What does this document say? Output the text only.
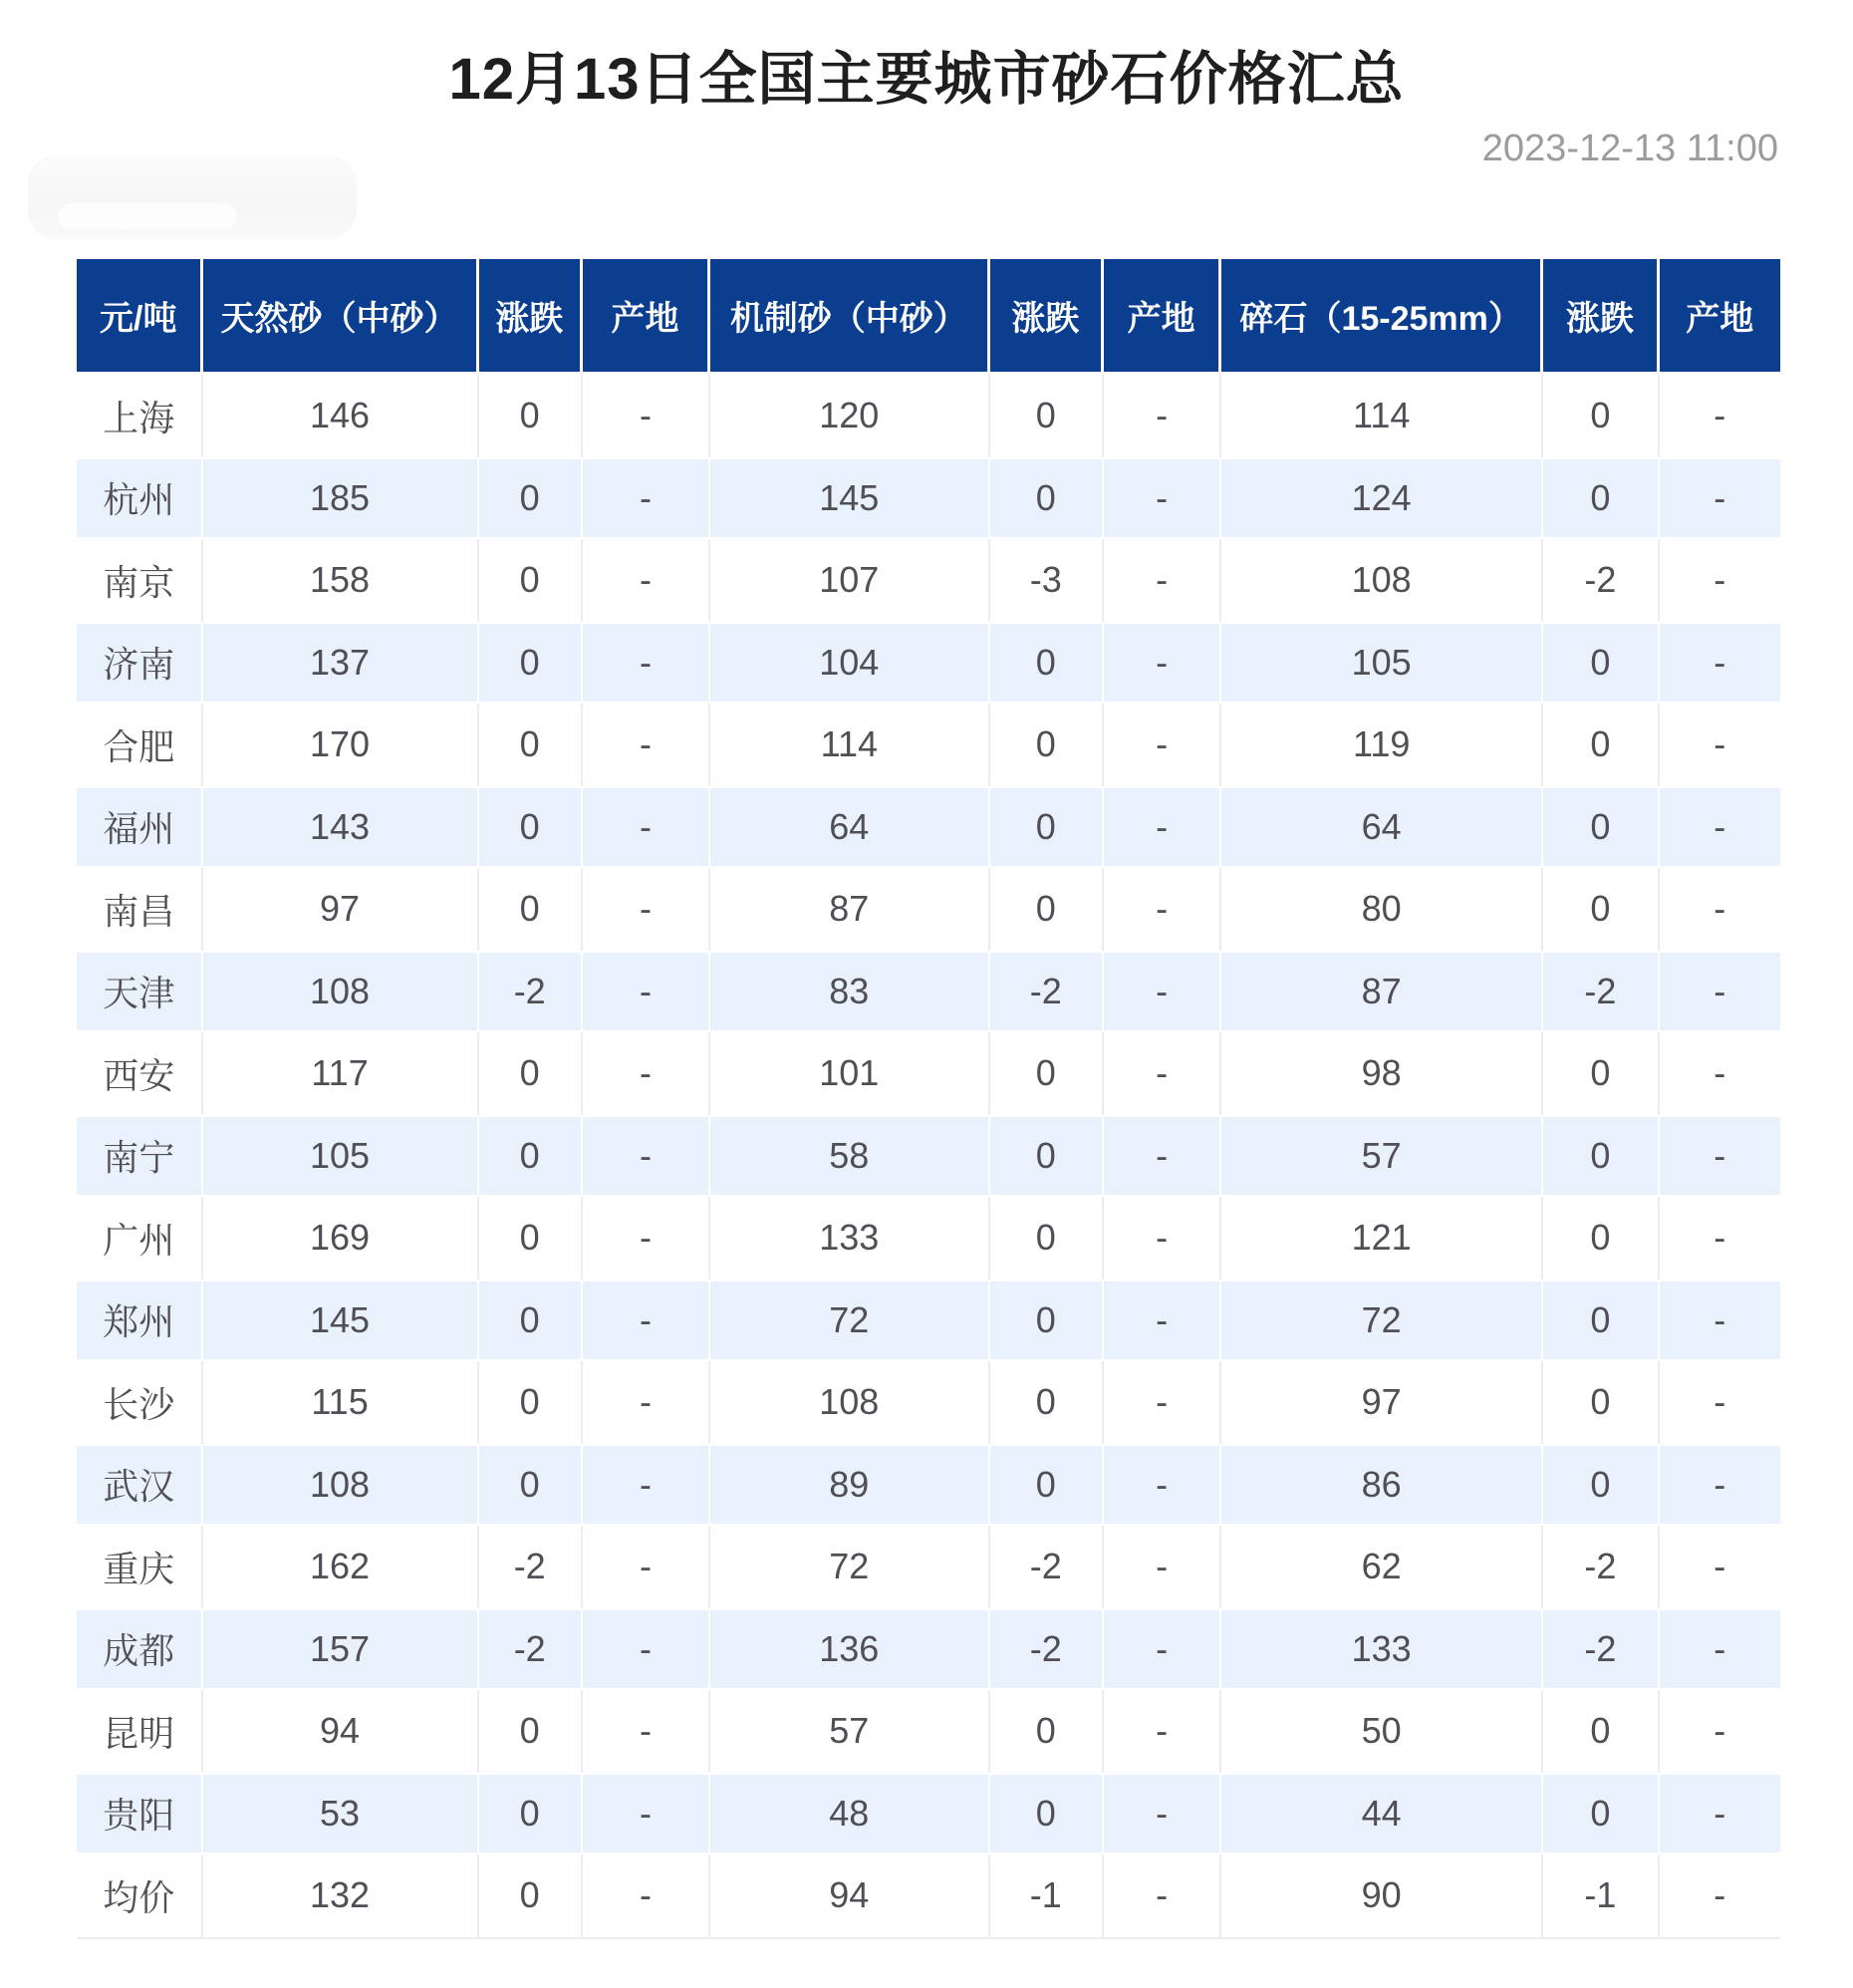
12月13日全国主要城市砂石价格汇总
2023-12-13 11:00
元/吨	天然砂（中砂）	涨跌	产地	机制砂（中砂）	涨跌	产地	碎石（15-25mm）	涨跌	产地
上海	146	0	-	120	0	-	114	0	-
杭州	185	0	-	145	0	-	124	0	-
南京	158	0	-	107	-3	-	108	-2	-
济南	137	0	-	104	0	-	105	0	-
合肥	170	0	-	114	0	-	119	0	-
福州	143	0	-	64	0	-	64	0	-
南昌	97	0	-	87	0	-	80	0	-
天津	108	-2	-	83	-2	-	87	-2	-
西安	117	0	-	101	0	-	98	0	-
南宁	105	0	-	58	0	-	57	0	-
广州	169	0	-	133	0	-	121	0	-
郑州	145	0	-	72	0	-	72	0	-
长沙	115	0	-	108	0	-	97	0	-
武汉	108	0	-	89	0	-	86	0	-
重庆	162	-2	-	72	-2	-	62	-2	-
成都	157	-2	-	136	-2	-	133	-2	-
昆明	94	0	-	57	0	-	50	0	-
贵阳	53	0	-	48	0	-	44	0	-
均价	132	0	-	94	-1	-	90	-1	-
